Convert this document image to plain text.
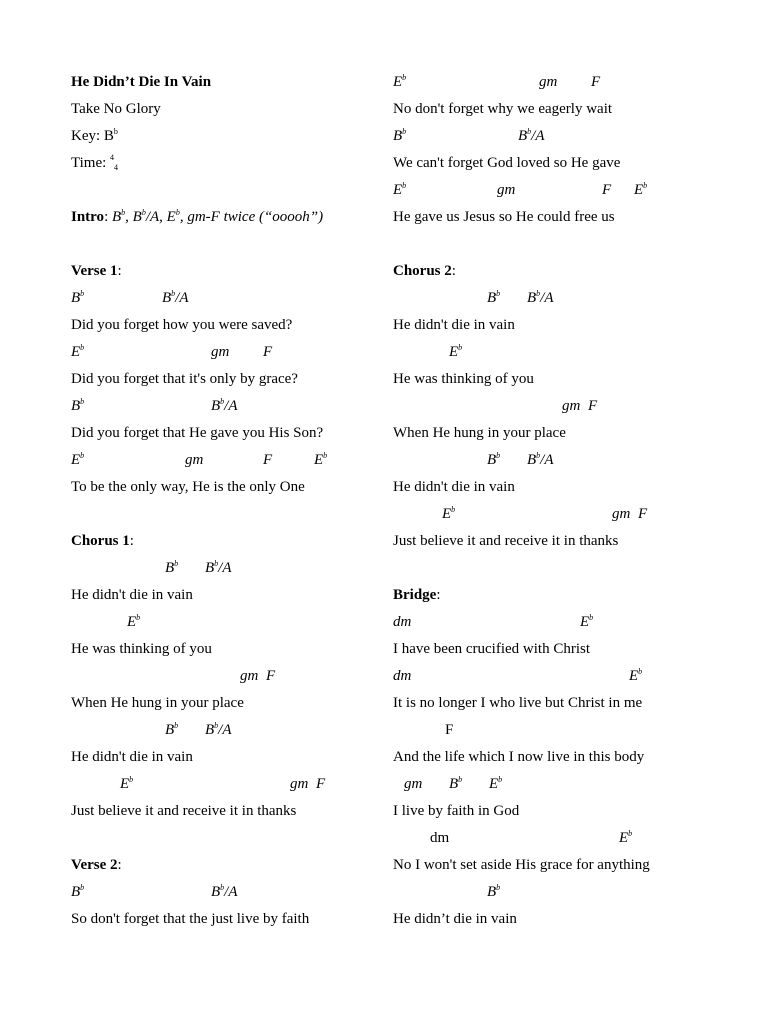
He Didn’t Die In Vain
Take No Glory
Key: $B^b$
Time: $^4_4$
Intro: $B^b$, $B^b/A$, $E^b$, gm-F twice (“ooooh”)
Verse 1:
$B^b$	$B^b/A$
Did you forget how you were saved?
$E^b$	gm F
Did you forget that it's only by grace?
$B^b$	$B^b/A$
Did you forget that He gave you His Son?
$E^b$	gm	F	$E^b$
To be the only way, He is the only One
Chorus 1:
$B^b$ $B^b/A$
He didn't die in vain
$E^b$
He was thinking of you
gm F
When He hung in your place
$B^b$ $B^b/A$
He didn't die in vain
$E^b$	gm F
Just believe it and receive it in thanks
Verse 2:
$B^b$	$B^b/A$
So don't forget that the just live by faith
$E^b$	gm F
No don't forget why we eagerly wait
$B^b$	$B^b/A$
We can't forget God loved so He gave
$E^b$	gm	F $E^b$
He gave us Jesus so He could free us
Chorus 2:
$B^b$ $B^b/A$
He didn't die in vain
$E^b$
He was thinking of you
gm F
When He hung in your place
$B^b$ $B^b/A$
He didn't die in vain
$E^b$	gm F
Just believe it and receive it in thanks
Bridge:
dm	$E^b$
I have been crucified with Christ
dm	$E^b$
It is no longer I who live but Christ in me
F
And the life which I now live in this body
gm $B^b$ $E^b$
I live by faith in God
dm	$E^b$
No I won't set aside His grace for anything
$B^b$
He didn’t die in vain
